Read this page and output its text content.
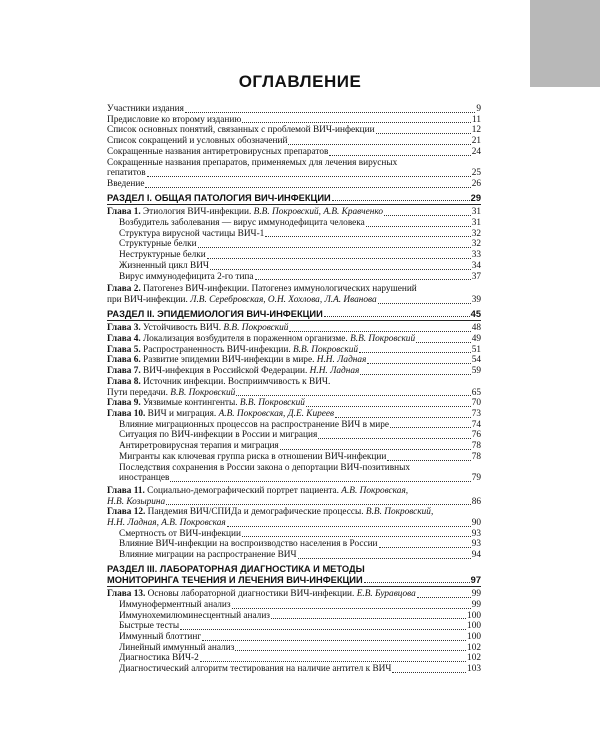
ОГЛАВЛЕНИЕ
Участники издания	9
Предисловие ко второму изданию	11
Список основных понятий, связанных с проблемой ВИЧ-инфекции	12
Список сокращений и условных обозначений	21
Сокращенные названия антиретровирусных препаратов	24
Сокращенные названия препаратов, применяемых для лечения вирусных
гепатитов	25
Введение	26
РАЗДЕЛ I. ОБЩАЯ ПАТОЛОГИЯ ВИЧ-ИНФЕКЦИИ	29
Глава 1. Этиология ВИЧ-инфекции. В.В. Покровский, А.В. Кравченко	31
Возбудитель заболевания — вирус иммунодефицита человека	31
Структура вирусной частицы ВИЧ-1	32
Структурные белки	32
Неструктурные белки	33
Жизненный цикл ВИЧ	34
Вирус иммунодефицита 2-го типа	37
Глава 2. Патогенез ВИЧ-инфекции. Патогенез иммунологических нарушений
при ВИЧ-инфекции. Л.В. Серебровская, О.Н. Хохлова, Л.А. Иванова	39
РАЗДЕЛ II. ЭПИДЕМИОЛОГИЯ ВИЧ-ИНФЕКЦИИ	45
Глава 3. Устойчивость ВИЧ. В.В. Покровский	48
Глава 4. Локализация возбудителя в пораженном организме. В.В. Покровский	49
Глава 5. Распространенность ВИЧ-инфекции. В.В. Покровский	51
Глава 6. Развитие эпидемии ВИЧ-инфекции в мире. Н.Н. Ладная	54
Глава 7. ВИЧ-инфекция в Российской Федерации. Н.Н. Ладная	59
Глава 8. Источник инфекции. Восприимчивость к ВИЧ.
Пути передачи. В.В. Покровский	65
Глава 9. Уязвимые контингенты. В.В. Покровский	70
Глава 10. ВИЧ и миграция. А.В. Покровская, Д.Е. Киреев	73
Влияние миграционных процессов на распространение ВИЧ в мире	74
Ситуация по ВИЧ-инфекции в России и миграция	76
Антиретровирусная терапия и миграция	78
Мигранты как ключевая группа риска в отношении ВИЧ-инфекции	78
Последствия сохранения в России закона о депортации ВИЧ-позитивных
иностранцев	79
Глава 11. Социально-демографический портрет пациента. А.В. Покровская,
Н.В. Козырина	86
Глава 12. Пандемия ВИЧ/СПИДа и демографические процессы. В.В. Покровский,
Н.Н. Ладная, А.В. Покровская	90
Смертность от ВИЧ-инфекции	93
Влияние ВИЧ-инфекции на воспроизводство населения в России	93
Влияние миграции на распространение ВИЧ	94
РАЗДЕЛ III. ЛАБОРАТОРНАЯ ДИАГНОСТИКА И МЕТОДЫ
МОНИТОРИНГА ТЕЧЕНИЯ И ЛЕЧЕНИЯ ВИЧ-ИНФЕКЦИИ	97
Глава 13. Основы лабораторной диагностики ВИЧ-инфекции. Е.В. Буравцова	99
Иммуноферментный анализ	99
Иммунохемилюминесцентный анализ	100
Быстрые тесты	100
Иммунный блоттинг	100
Линейный иммунный анализ	102
Диагностика ВИЧ-2	102
Диагностический алгоритм тестирования на наличие антител к ВИЧ	103
